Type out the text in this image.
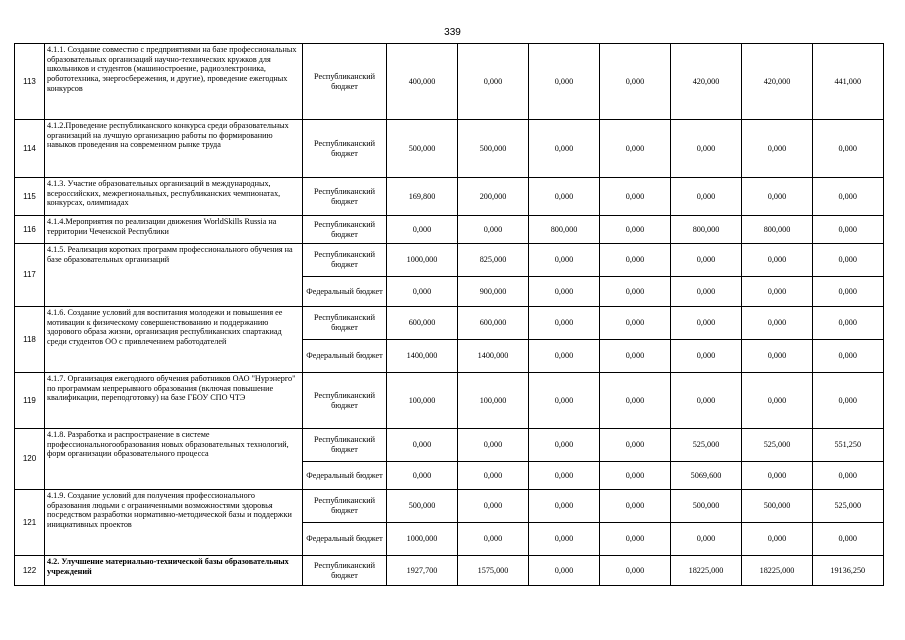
339
113	4.1.1. Создание совместно с предприятиями на базе профессиональных образовательных организаций научно-технических кружков для школьников и студентов (машиностроение, радиоэлектроника, робототехника, энергосбережения, и другие), проведение ежегодных конкурсов	Республиканский бюджет	400,000	0,000	0,000	0,000	420,000	420,000	441,000
114	4.1.2.Проведение республиканского конкурса среди образовательных организаций на лучшую организацию работы по формированию навыков проведения на современном рынке труда	Республиканский бюджет	500,000	500,000	0,000	0,000	0,000	0,000	0,000
115	4.1.3. Участие образовательных организаций в международных, всероссийских, межрегиональных, республиканских чемпионатах, конкурсах, олимпиадах	Республиканский бюджет	169,800	200,000	0,000	0,000	0,000	0,000	0,000
116	4.1.4.Мероприятия по реализации движения WorldSkills Russia на территории Чеченской Республики	Республиканский бюджет	0,000	0,000	800,000	0,000	800,000	800,000	0,000
117	4.1.5. Реализация коротких программ профессионального обучения на базе образовательных организаций	Республиканский бюджет	1000,000	825,000	0,000	0,000	0,000	0,000	0,000
		Федеральный бюджет	0,000	900,000	0,000	0,000	0,000	0,000	0,000
118	4.1.6. Создание условий для воспитания молодежи и повышения ее мотивации к физическому совершенствованию и поддержанию здорового образа жизни, организация республиканских спартакиад среди студентов ОО с привлечением работодателей	Республиканский бюджет	600,000	600,000	0,000	0,000	0,000	0,000	0,000
		Федеральный бюджет	1400,000	1400,000	0,000	0,000	0,000	0,000	0,000
119	4.1.7. Организация ежегодного обучения работников ОАО "Нурэнерго" по программам непрерывного образования (включая повышение квалификации, переподготовку) на базе ГБОУ СПО ЧТЭ	Республиканский бюджет	100,000	100,000	0,000	0,000	0,000	0,000	0,000
120	4.1.8. Разработка и распространение в системе профессиональногообразования новых образовательных технологий, форм организации образовательного процесса	Республиканский бюджет	0,000	0,000	0,000	0,000	525,000	525,000	551,250
		Федеральный бюджет	0,000	0,000	0,000	0,000	5069,600	0,000	0,000
121	4.1.9. Создание условий для получения профессионального образования людьми с ограниченными возможностями здоровья посредством разработки нормативно-методической базы и поддержки инициативных проектов	Республиканский бюджет	500,000	0,000	0,000	0,000	500,000	500,000	525,000
		Федеральный бюджет	1000,000	0,000	0,000	0,000	0,000	0,000	0,000
122	4.2. Улучшение материально-технической базы образовательных учреждений	Республиканский бюджет	1927,700	1575,000	0,000	0,000	18225,000	18225,000	19136,250
